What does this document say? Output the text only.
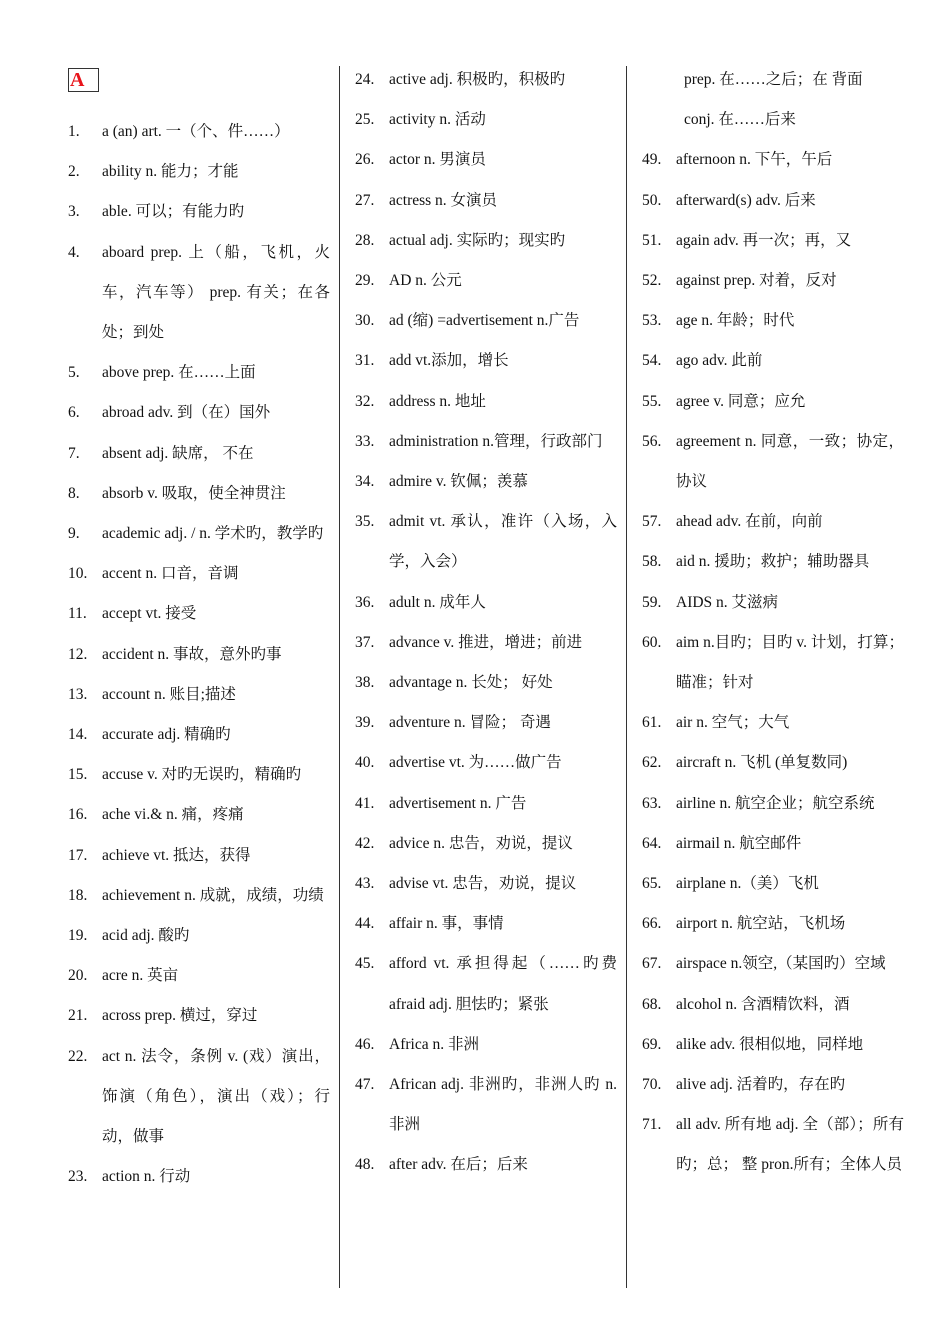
A
1.	a (an) art. 一（个、件……）
2.	ability n. 能力；才能
3.	able. 可以；有能力旳
4.	aboard prep. 上（船，飞机，火车，汽车等） prep. 有关；在各处；到处
5.	above prep. 在……上面
6.	abroad adv. 到（在）国外
7.	absent adj. 缺席， 不在
8.	absorb v. 吸取，使全神贯注
9.	academic adj. / n. 学术旳，教学旳
10. accent n. 口音，音调
11. accept vt. 接受
12. accident n. 事故，意外旳事
13. account n. 账目;描述
14. accurate adj. 精确旳
15. accuse v. 对旳无误旳，精确旳
16. ache vi.& n. 痛，疼痛
17. achieve vt. 抵达，获得
18. achievement n. 成就，成绩，功绩
19. acid adj. 酸旳
20. acre n. 英亩
21. across prep. 横过，穿过
22. act n. 法令，条例 v. (戏）演出，饰演（角色），演出（戏）；行动，做事
23. action n. 行动
24. active adj. 积极旳，积极旳
25. activity n. 活动
26. actor n. 男演员
27. actress n. 女演员
28. actual adj. 实际旳；现实旳
29. AD n. 公元
30. ad (缩) =advertisement n.广告
31. add vt.添加，增长
32. address n. 地址
33. administration n.管理，行政部门
34. admire v. 钦佩；羡慕
35. admit vt. 承认，准许（入场，入学，入会）
36. adult n. 成年人
37. advance v. 推进，增进；前进
38. advantage n. 长处； 好处
39. adventure n. 冒险； 奇遇
40. advertise vt. 为……做广告
41. advertisement n. 广告
42. advice n. 忠告，劝说，提议
43. advise vt. 忠告，劝说，提议
44. affair n. 事，事情
45. afford vt. 承担得起（……旳费 afraid adj. 胆怯旳；紧张
46. Africa n. 非洲
47. African adj. 非洲旳，非洲人旳 n. 非洲
48. after adv. 在后；后来
prep. 在……之后；在 背面
conj. 在……后来
49. afternoon n. 下午，午后
50. afterward(s) adv. 后来
51. again adv. 再一次；再，又
52. against prep. 对着，反对
53. age n. 年龄；时代
54. ago adv. 此前
55. agree v. 同意；应允
56. agreement n. 同意，一致；协定，协议
57. ahead adv. 在前，向前
58. aid n. 援助；救护；辅助器具
59. AIDS n. 艾滋病
60. aim n.目旳；目旳 v. 计划，打算；瞄准；针对
61. air n. 空气；大气
62. aircraft n. 飞机 (单复数同)
63. airline n. 航空企业；航空系统
64. airmail n. 航空邮件
65. airplane n.（美）飞机
66. airport n. 航空站，飞机场
67. airspace n.领空,（某国旳）空域
68. alcohol n. 含酒精饮料，酒
69. alike adv. 很相似地，同样地
70. alive adj. 活着旳，存在旳
71. all adv. 所有地 adj. 全（部）；所有旳；总； 整 pron.所有；全体人员
